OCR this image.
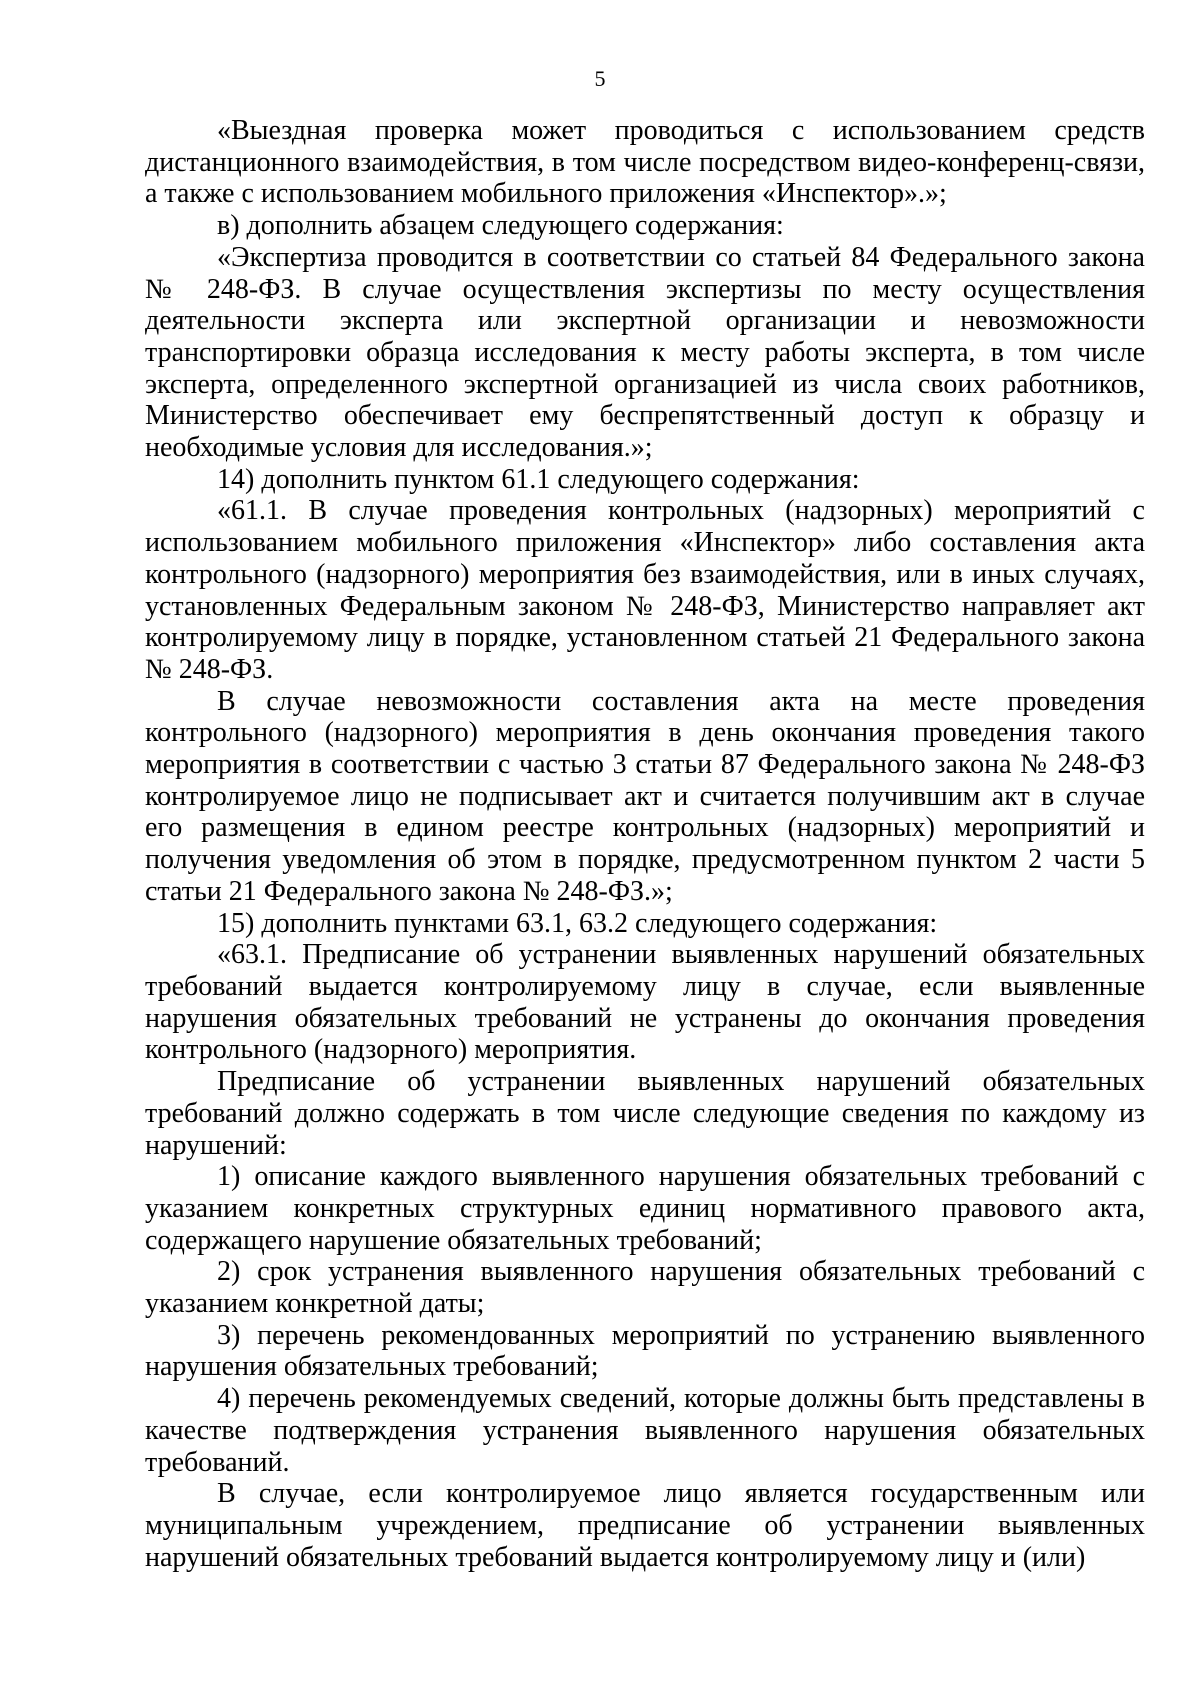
5

«Выездная проверка может проводиться с использованием средств дистанционного взаимодействия, в том числе посредством видео-конференц-связи, а также с использованием мобильного приложения «Инспектор».»;

в) дополнить абзацем следующего содержания:

«Экспертиза проводится в соответствии со статьей 84 Федерального закона № 248-ФЗ. В случае осуществления экспертизы по месту осуществления деятельности эксперта или экспертной организации и невозможности транспортировки образца исследования к месту работы эксперта, в том числе эксперта, определенного экспертной организацией из числа своих работников, Министерство обеспечивает ему беспрепятственный доступ к образцу и необходимые условия для исследования.»;

14) дополнить пунктом 61.1 следующего содержания:

«61.1. В случае проведения контрольных (надзорных) мероприятий с использованием мобильного приложения «Инспектор» либо составления акта контрольного (надзорного) мероприятия без взаимодействия, или в иных случаях, установленных Федеральным законом № 248-ФЗ, Министерство направляет акт контролируемому лицу в порядке, установленном статьей 21 Федерального закона № 248-ФЗ.

В случае невозможности составления акта на месте проведения контрольного (надзорного) мероприятия в день окончания проведения такого мероприятия в соответствии с частью 3 статьи 87 Федерального закона № 248-ФЗ контролируемое лицо не подписывает акт и считается получившим акт в случае его размещения в едином реестре контрольных (надзорных) мероприятий и получения уведомления об этом в порядке, предусмотренном пунктом 2 части 5 статьи 21 Федерального закона № 248-ФЗ.»;

15) дополнить пунктами 63.1, 63.2 следующего содержания:

«63.1. Предписание об устранении выявленных нарушений обязательных требований выдается контролируемому лицу в случае, если выявленные нарушения обязательных требований не устранены до окончания проведения контрольного (надзорного) мероприятия.

Предписание об устранении выявленных нарушений обязательных требований должно содержать в том числе следующие сведения по каждому из нарушений:

1) описание каждого выявленного нарушения обязательных требований с указанием конкретных структурных единиц нормативного правового акта, содержащего нарушение обязательных требований;

2) срок устранения выявленного нарушения обязательных требований с указанием конкретной даты;

3) перечень рекомендованных мероприятий по устранению выявленного нарушения обязательных требований;

4) перечень рекомендуемых сведений, которые должны быть представлены в качестве подтверждения устранения выявленного нарушения обязательных требований.

В случае, если контролируемое лицо является государственным или муниципальным учреждением, предписание об устранении выявленных нарушений обязательных требований выдается контролируемому лицу и (или)
